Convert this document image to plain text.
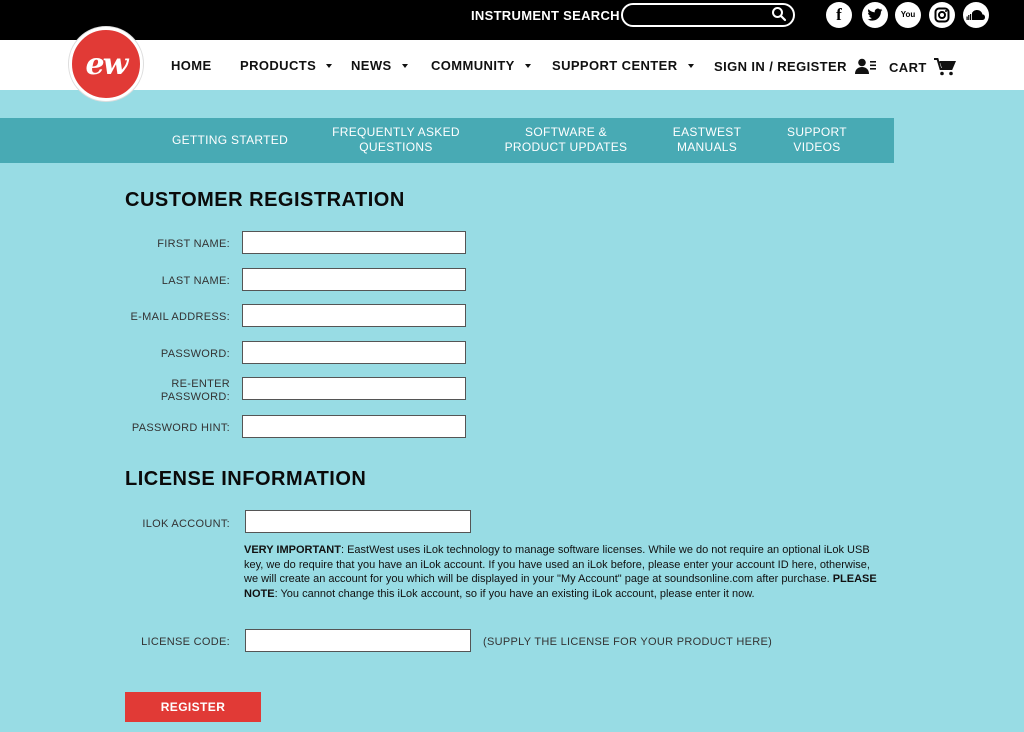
INSTRUMENT SEARCH	f	You
ew	HOME PRODUCTS	NEWS	COMMUNITY	SUPPORT CENTER	SIGN IN / REGISTER	CART
GETTING STARTED
FREQUENTLY ASKED
QUESTIONS
SOFTWARE &
PRODUCT UPDATES
EASTWEST
MANUALS
SUPPORT
VIDEOS
CUSTOMER REGISTRATION
FIRST NAME:
LAST NAME:
E-MAIL ADDRESS:
PASSWORD:
RE-ENTER
PASSWORD:
PASSWORD HINT:
LICENSE INFORMATION
ILOK ACCOUNT:
VERY IMPORTANT: EastWest uses iLok technology to manage software licenses. While we do not require an optional iLok USB key, we do require that you have an iLok account. If you have used an iLok before, please enter your account ID here, otherwise, we will create an account for you which will be displayed in your "My Account" page at soundsonline.com after purchase. PLEASE NOTE: You cannot change this iLok account, so if you have an existing iLok account, please enter it now.
LICENSE CODE:	(SUPPLY THE LICENSE FOR YOUR PRODUCT HERE)
REGISTER
